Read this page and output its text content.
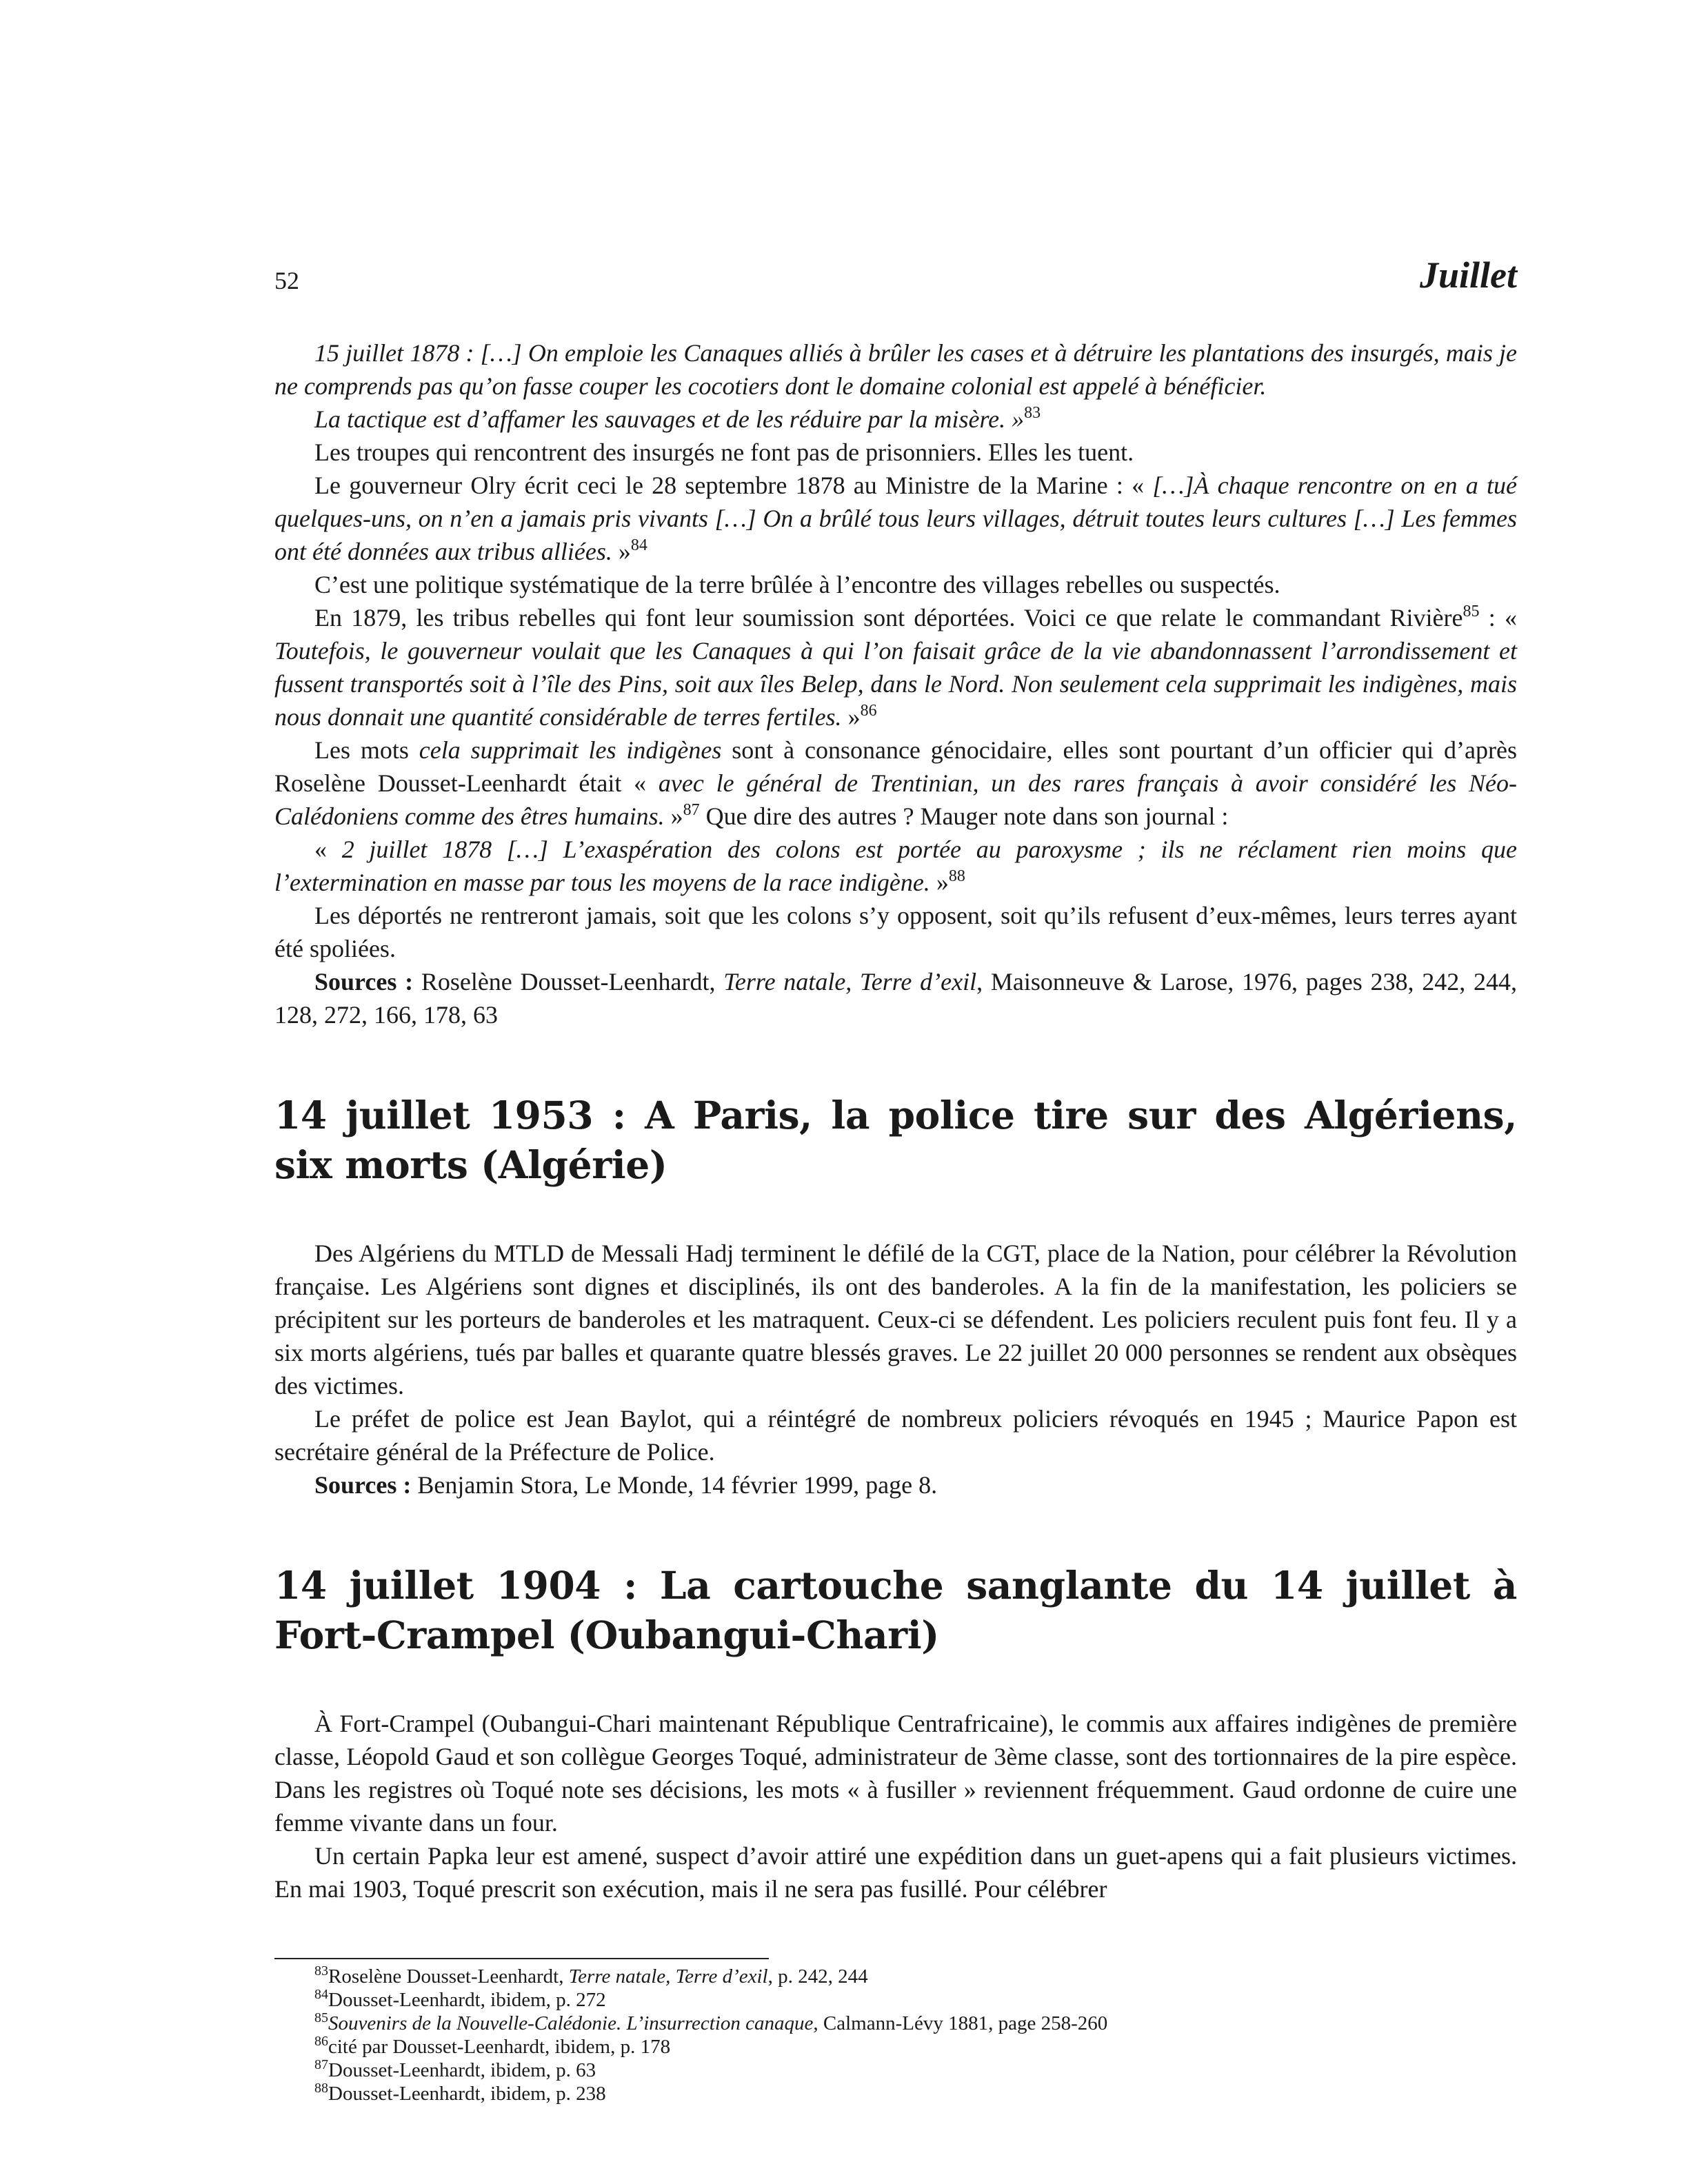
52	Juillet

15 juillet 1878 : […] On emploie les Canaques alliés à brûler les cases et à détruire les plantations des insurgés, mais je ne comprends pas qu’on fasse couper les cocotiers dont le domaine colonial est appelé à bénéficier.

La tactique est d’affamer les sauvages et de les réduire par la misère. »$^{83}$

Les troupes qui rencontrent des insurgés ne font pas de prisonniers. Elles les tuent.

Le gouverneur Olry écrit ceci le 28 septembre 1878 au Ministre de la Marine : « […]À chaque rencontre on en a tué quelques-uns, on n’en a jamais pris vivants […] On a brûlé tous leurs villages, détruit toutes leurs cultures […] Les femmes ont été données aux tribus alliées. »$^{84}$

C’est une politique systématique de la terre brûlée à l’encontre des villages rebelles ou suspectés.

En 1879, les tribus rebelles qui font leur soumission sont déportées. Voici ce que relate le commandant Rivière$^{85}$ : « Toutefois, le gouverneur voulait que les Canaques à qui l’on faisait grâce de la vie abandonnassent l’arrondissement et fussent transportés soit à l’île des Pins, soit aux îles Belep, dans le Nord. Non seulement cela supprimait les indigènes, mais nous donnait une quantité considérable de terres fertiles. »$^{86}$

Les mots cela supprimait les indigènes sont à consonance génocidaire, elles sont pourtant d’un officier qui d’après Roselène Dousset-Leenhardt était « avec le général de Trentinian, un des rares français à avoir considéré les Néo-Calédoniens comme des êtres humains. »$^{87}$ Que dire des autres ? Mauger note dans son journal :

« 2 juillet 1878 […] L’exaspération des colons est portée au paroxysme ; ils ne réclament rien moins que l’extermination en masse par tous les moyens de la race indigène. »$^{88}$

Les déportés ne rentreront jamais, soit que les colons s’y opposent, soit qu’ils refusent d’eux-mêmes, leurs terres ayant été spoliées.

Sources : Roselène Dousset-Leenhardt, Terre natale, Terre d’exil, Maisonneuve & Larose, 1976, pages 238, 242, 244, 128, 272, 166, 178, 63

14 juillet 1953 : A Paris, la police tire sur des Algériens, six morts (Algérie)

Des Algériens du MTLD de Messali Hadj terminent le défilé de la CGT, place de la Nation, pour célébrer la Révolution française. Les Algériens sont dignes et disciplinés, ils ont des banderoles. A la fin de la manifestation, les policiers se précipitent sur les porteurs de banderoles et les matraquent. Ceux-ci se défendent. Les policiers reculent puis font feu. Il y a six morts algériens, tués par balles et quarante quatre blessés graves. Le 22 juillet 20 000 personnes se rendent aux obsèques des victimes.

Le préfet de police est Jean Baylot, qui a réintégré de nombreux policiers révoqués en 1945 ; Maurice Papon est secrétaire général de la Préfecture de Police.

Sources : Benjamin Stora, Le Monde, 14 février 1999, page 8.

14 juillet 1904 : La cartouche sanglante du 14 juillet à Fort-Crampel (Oubangui-Chari)

À Fort-Crampel (Oubangui-Chari maintenant République Centrafricaine), le commis aux affaires indigènes de première classe, Léopold Gaud et son collègue Georges Toqué, administrateur de 3ème classe, sont des tortionnaires de la pire espèce. Dans les registres où Toqué note ses décisions, les mots « à fusiller » reviennent fréquemment. Gaud ordonne de cuire une femme vivante dans un four.

Un certain Papka leur est amené, suspect d’avoir attiré une expédition dans un guet-apens qui a fait plusieurs victimes. En mai 1903, Toqué prescrit son exécution, mais il ne sera pas fusillé. Pour célébrer

$^{83}$Roselène Dousset-Leenhardt, Terre natale, Terre d’exil, p. 242, 244
$^{84}$Dousset-Leenhardt, ibidem, p. 272
$^{85}$Souvenirs de la Nouvelle-Calédonie. L’insurrection canaque, Calmann-Lévy 1881, page 258-260
$^{86}$cité par Dousset-Leenhardt, ibidem, p. 178
$^{87}$Dousset-Leenhardt, ibidem, p. 63
$^{88}$Dousset-Leenhardt, ibidem, p. 238
